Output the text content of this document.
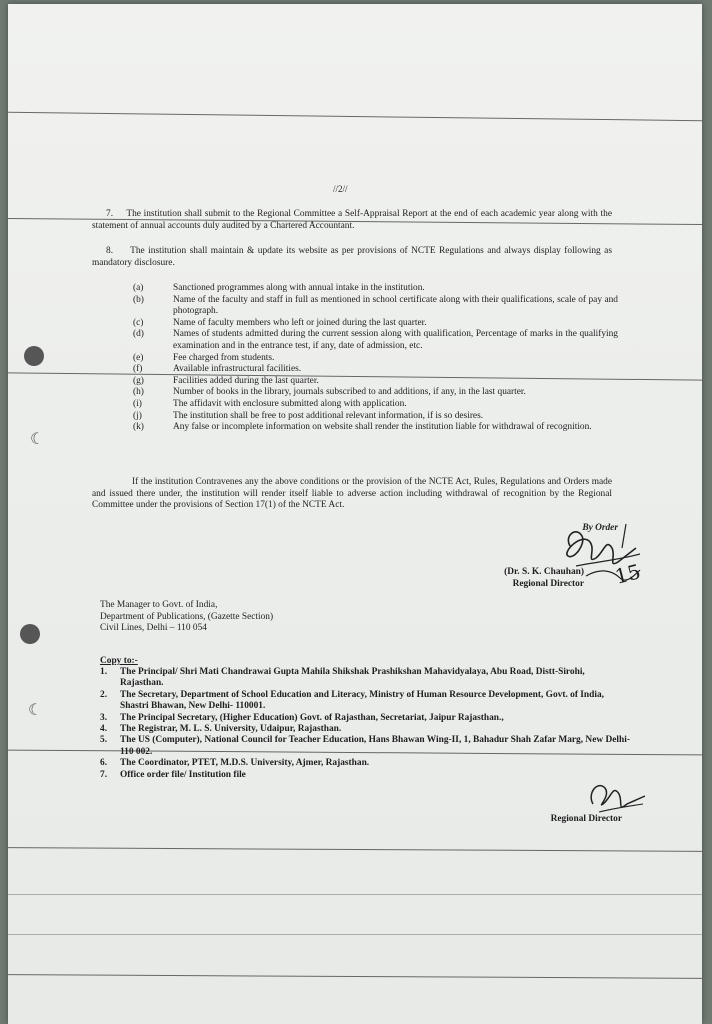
☾
☾
//2//
7. The institution shall submit to the Regional Committee a Self-Appraisal Report at the end of each academic year along with the statement of annual accounts duly audited by a Chartered Accountant.
8. The institution shall maintain & update its website as per provisions of NCTE Regulations and always display following as mandatory disclosure.
(a)	Sanctioned programmes along with annual intake in the institution.
(b)	Name of the faculty and staff in full as mentioned in school certificate along with their qualifications, scale of pay and photograph.
(c)	Name of faculty members who left or joined during the last quarter.
(d)	Names of students admitted during the current session along with qualification, Percentage of marks in the qualifying examination and in the entrance test, if any, date of admission, etc.
(e)	Fee charged from students.
(f)	Available infrastructural facilities.
(g)	Facilities added during the last quarter.
(h)	Number of books in the library, journals subscribed to and additions, if any, in the last quarter.
(i)	The affidavit with enclosure submitted along with application.
(j)	The institution shall be free to post additional relevant information, if is so desires.
(k)	Any false or incomplete information on website shall render the institution liable for withdrawal of recognition.
If the institution Contravenes any the above conditions or the provision of the NCTE Act, Rules, Regulations and Orders made and issued there under, the institution will render itself liable to adverse action including withdrawal of recognition by the Regional Committee under the provisions of Section 17(1) of the NCTE Act.
By Order
(Dr. S. K. Chauhan)
Regional Director 15
The Manager to Govt. of India,
Department of Publications, (Gazette Section)
Civil Lines, Delhi – 110 054
Copy to:-
1.	The Principal/ Shri Mati Chandrawai Gupta Mahila Shikshak Prashikshan Mahavidyalaya, Abu Road, Distt-Sirohi, Rajasthan.
2.	The Secretary, Department of School Education and Literacy, Ministry of Human Resource Development, Govt. of India, Shastri Bhawan, New Delhi- 110001.
3.	The Principal Secretary, (Higher Education) Govt. of Rajasthan, Secretariat, Jaipur Rajasthan.,
4.	The Registrar, M. L. S. University, Udaipur, Rajasthan.
5.	The US (Computer), National Council for Teacher Education, Hans Bhawan Wing-II, 1, Bahadur Shah Zafar Marg, New Delhi- 110 002.
6.	The Coordinator, PTET, M.D.S. University, Ajmer, Rajasthan.
7.	Office order file/ Institution file
Regional Director
